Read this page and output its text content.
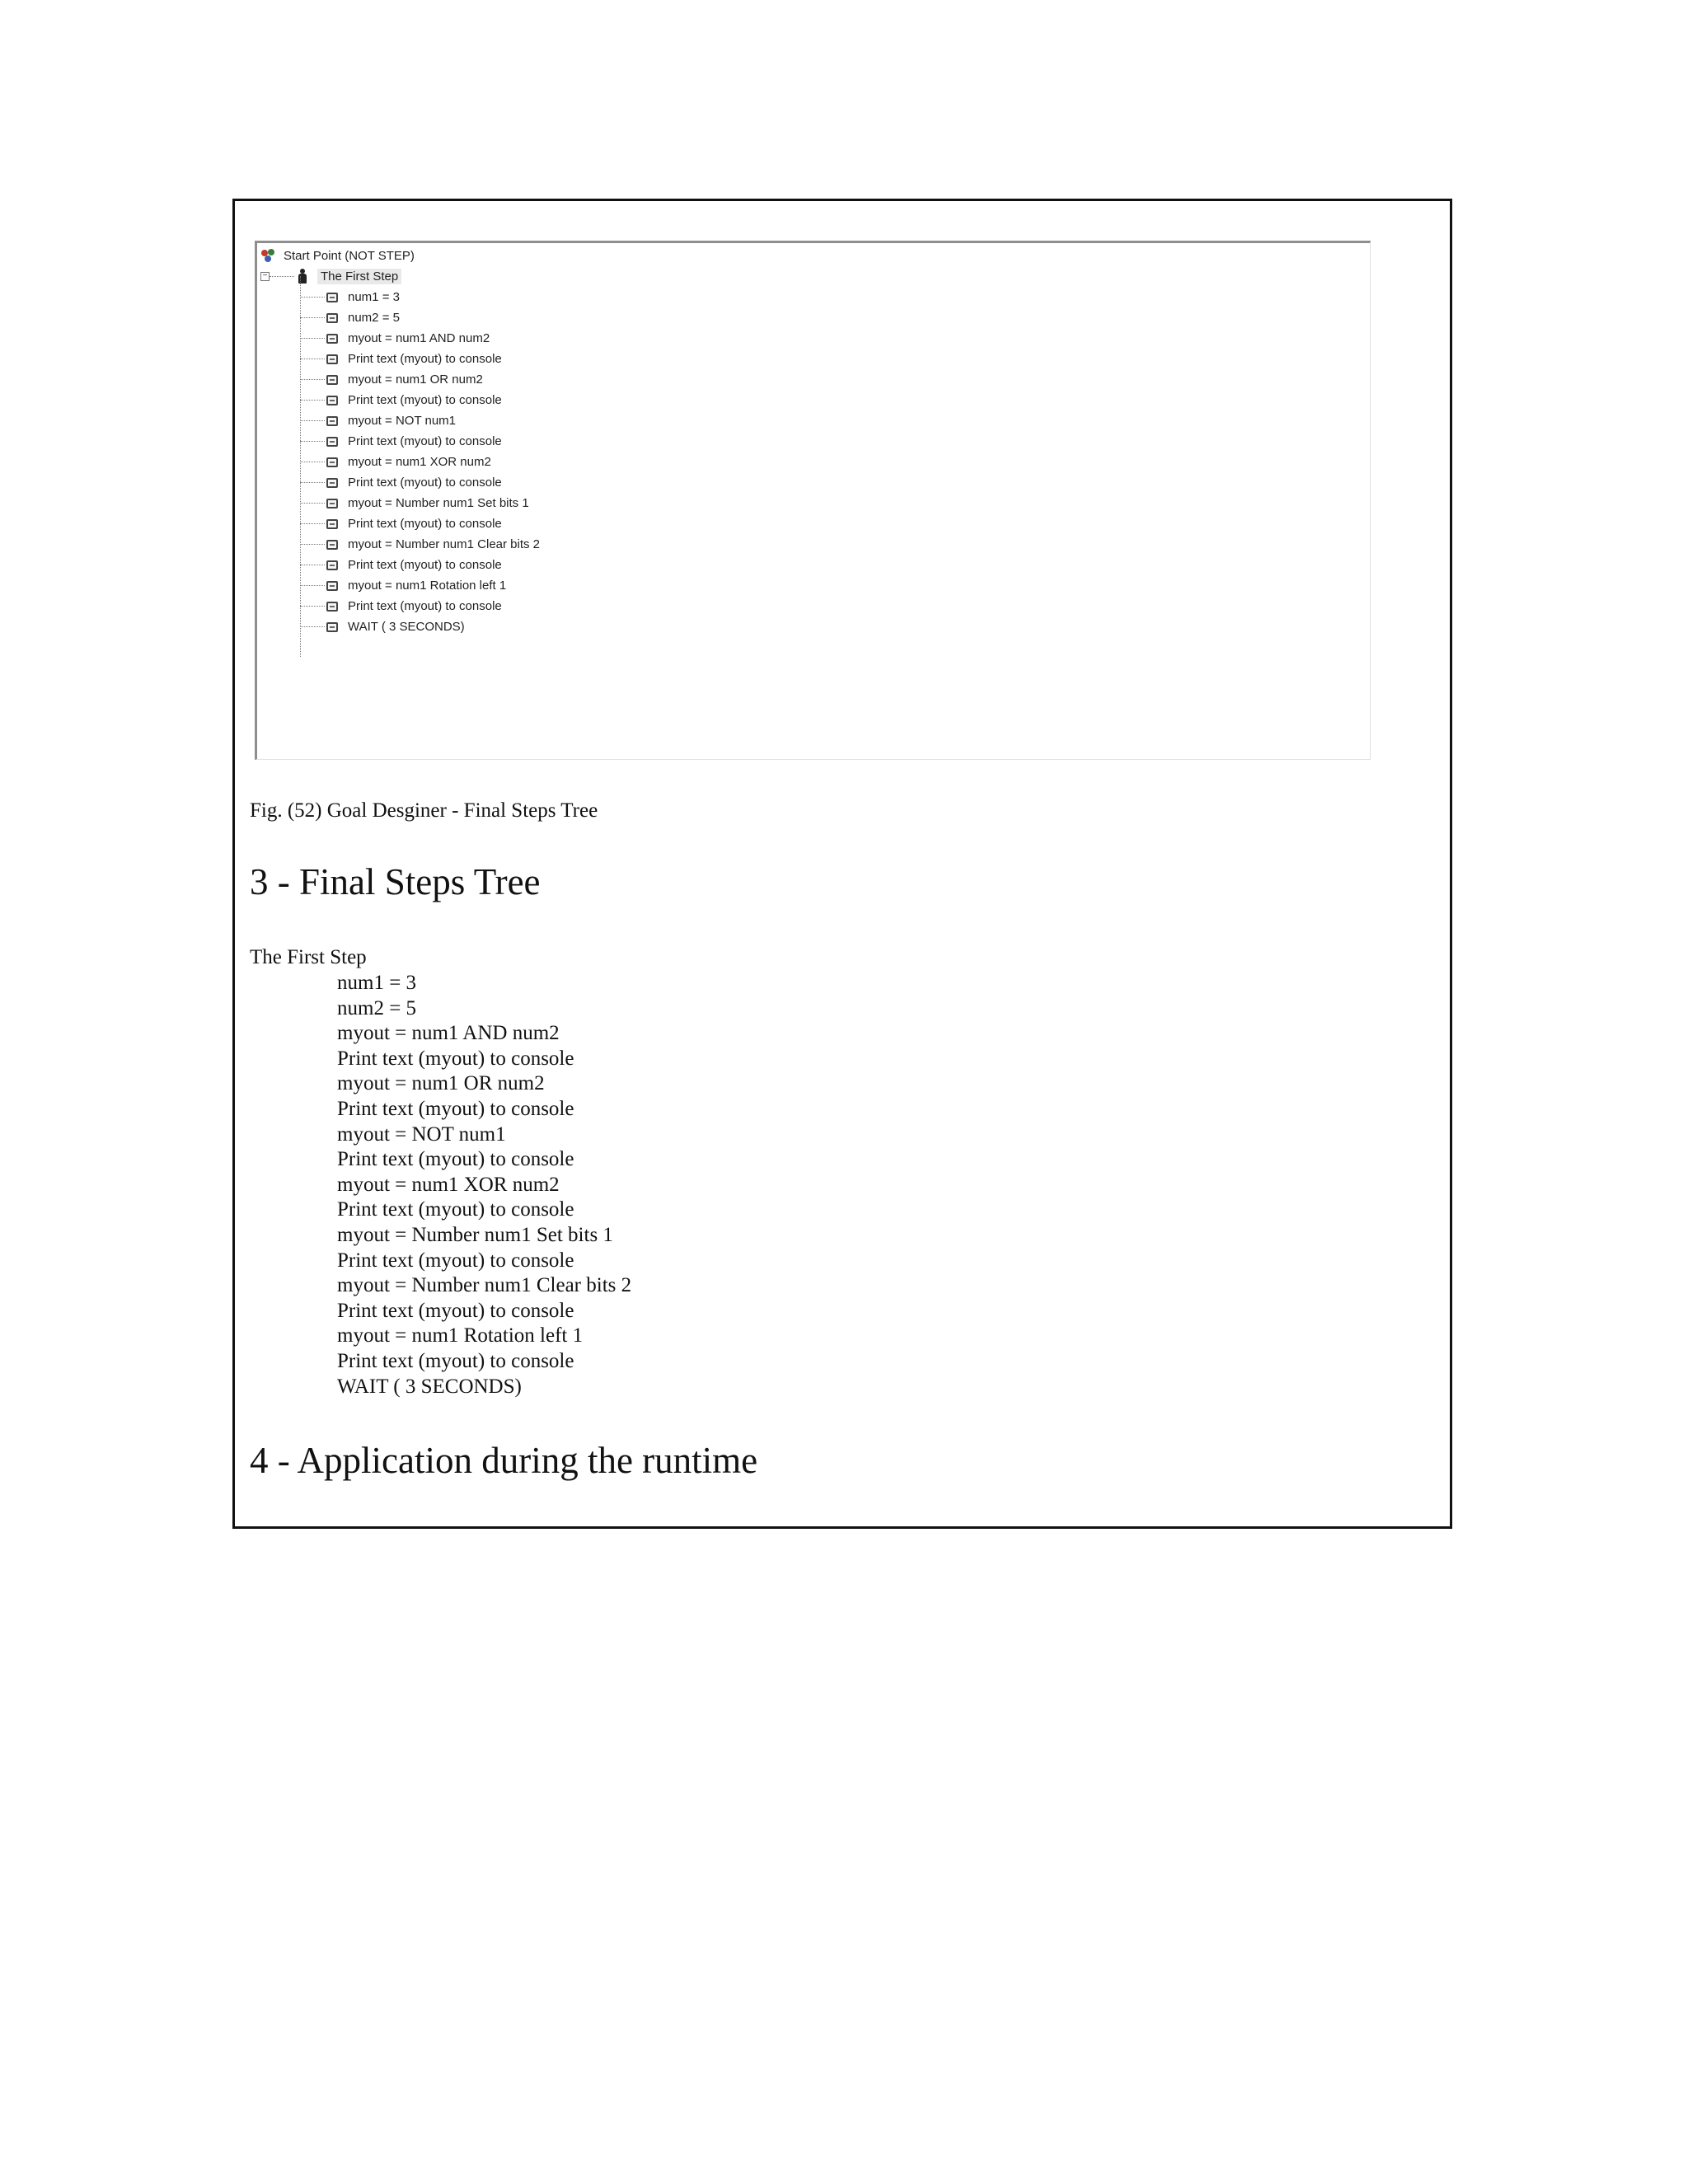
Start Point (NOT STEP)
−	The First Step
num1 = 3
num2 = 5
myout = num1 AND num2
Print text (myout) to console
myout = num1 OR num2
Print text (myout) to console
myout = NOT num1
Print text (myout) to console
myout = num1 XOR num2
Print text (myout) to console
myout = Number num1 Set bits 1
Print text (myout) to console
myout = Number num1 Clear bits 2
Print text (myout) to console
myout = num1 Rotation left 1
Print text (myout) to console
WAIT ( 3 SECONDS)
Fig. (52) Goal Desginer - Final Steps Tree
3 - Final Steps Tree
The First Step
num1 = 3
num2 = 5
myout = num1 AND num2
Print text (myout) to console
myout = num1 OR num2
Print text (myout) to console
myout = NOT num1
Print text (myout) to console
myout = num1 XOR num2
Print text (myout) to console
myout = Number num1 Set bits 1
Print text (myout) to console
myout = Number num1 Clear bits 2
Print text (myout) to console
myout = num1 Rotation left 1
Print text (myout) to console
WAIT ( 3 SECONDS)
4 - Application during the runtime
